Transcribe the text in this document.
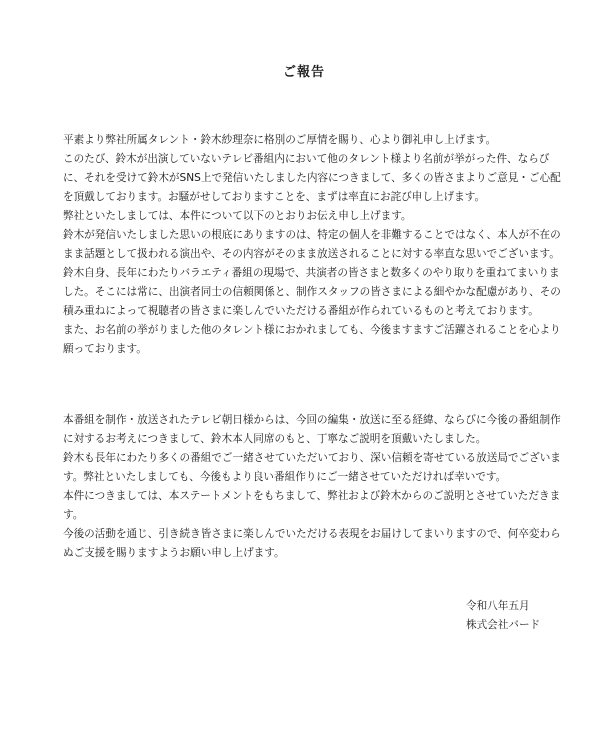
ご報告

平素より弊社所属タレント・鈴木紗理奈に格別のご厚情を賜り、心より御礼申し上げます。

このたび、鈴木が出演していないテレビ番組内において他のタレント様より名前が挙がった件、ならびに、それを受けて鈴木がSNS上で発信いたしました内容につきまして、多くの皆さまよりご意見・ご心配を頂戴しております。お騒がせしておりますことを、まずは率直にお詫び申し上げます。

弊社といたしましては、本件について以下のとおりお伝え申し上げます。

鈴木が発信いたしました思いの根底にありますのは、特定の個人を非難することではなく、本人が不在のまま話題として扱われる演出や、その内容がそのまま放送されることに対する率直な思いでございます。

鈴木自身、長年にわたりバラエティ番組の現場で、共演者の皆さまと数多くのやり取りを重ねてまいりました。そこには常に、出演者同士の信頼関係と、制作スタッフの皆さまによる細やかな配慮があり、その積み重ねによって視聴者の皆さまに楽しんでいただける番組が作られているものと考えております。

また、お名前の挙がりました他のタレント様におかれましても、今後ますますご活躍されることを心より願っております。

本番組を制作・放送されたテレビ朝日様からは、今回の編集・放送に至る経緯、ならびに今後の番組制作に対するお考えにつきまして、鈴木本人同席のもと、丁寧なご説明を頂戴いたしました。

鈴木も長年にわたり多くの番組でご一緒させていただいており、深い信頼を寄せている放送局でございます。弊社といたしましても、今後もより良い番組作りにご一緒させていただければ幸いです。

本件につきましては、本ステートメントをもちまして、弊社および鈴木からのご説明とさせていただきます。

今後の活動を通じ、引き続き皆さまに楽しんでいただける表現をお届けしてまいりますので、何卒変わらぬご支援を賜りますようお願い申し上げます。

令和八年五月
株式会社バード
